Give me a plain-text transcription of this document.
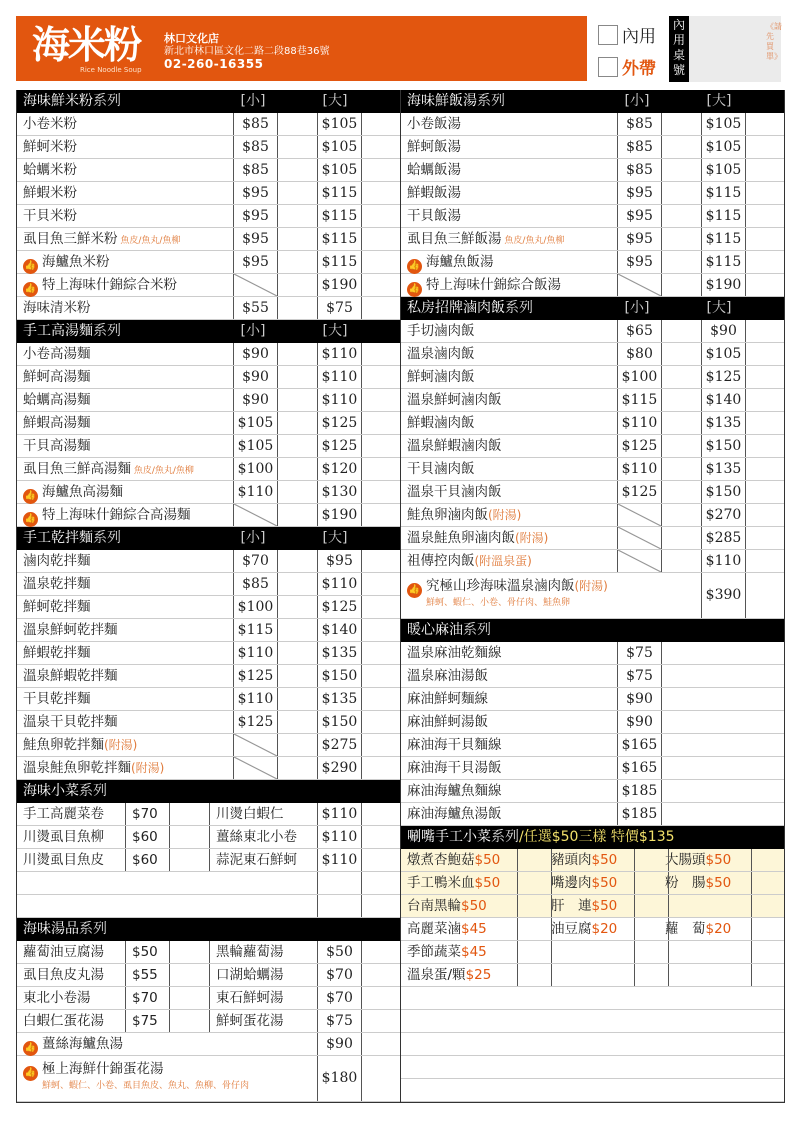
海米粉
Rice Noodle Soup
林口文化店
新北市林口區文化二路二段88巷36號
02-260-16355
內用
外帶
內用桌號
《請先買單》
海味鮮米粉系列	[小]	[大]
小卷米粉	$85	$105
鮮蚵米粉	$85	$105
蛤蠣米粉	$85	$105
鮮蝦米粉	$95	$115
干貝米粉	$95	$115
虱目魚三鮮米粉 魚皮/魚丸/魚柳	$95	$115
👍 海鱸魚米粉	$95	$115
👍 特上海味什錦綜合米粉	$190
海味清米粉	$55	$75
手工高湯麵系列	[小]	[大]
小卷高湯麵	$90	$110
鮮蚵高湯麵	$90	$110
蛤蠣高湯麵	$90	$110
鮮蝦高湯麵	$105	$125
干貝高湯麵	$105	$125
虱目魚三鮮高湯麵 魚皮/魚丸/魚柳	$100	$120
👍 海鱸魚高湯麵	$110	$130
👍 特上海味什錦綜合高湯麵	$190
手工乾拌麵系列	[小]	[大]
滷肉乾拌麵	$70	$95
溫泉乾拌麵	$85	$110
鮮蚵乾拌麵	$100	$125
溫泉鮮蚵乾拌麵	$115	$140
鮮蝦乾拌麵	$110	$135
溫泉鮮蝦乾拌麵	$125	$150
干貝乾拌麵	$110	$135
溫泉干貝乾拌麵	$125	$150
鮭魚卵乾拌麵(附湯)	$275
溫泉鮭魚卵乾拌麵(附湯)	$290
海味小菜系列
手工高麗菜卷	$70	川燙白蝦仁	$110
川燙虱目魚柳	$60	薑絲東北小卷	$110
川燙虱目魚皮	$60	蒜泥東石鮮蚵	$110
海味湯品系列
蘿蔔油豆腐湯	$50	黑輪蘿蔔湯	$50
虱目魚皮丸湯	$55	口湖蛤蠣湯	$70
東北小卷湯	$70	東石鮮蚵湯	$70
白蝦仁蛋花湯	$75	鮮蚵蛋花湯	$75
👍 薑絲海鱸魚湯	$90
👍 極上海鮮什錦蛋花湯
鮮蚵、蝦仁、小卷、虱目魚皮、魚丸、魚柳、骨仔肉	$180
海味鮮飯湯系列	[小]	[大]
小卷飯湯	$85	$105
鮮蚵飯湯	$85	$105
蛤蠣飯湯	$85	$105
鮮蝦飯湯	$95	$115
干貝飯湯	$95	$115
虱目魚三鮮飯湯 魚皮/魚丸/魚柳	$95	$115
👍 海鱸魚飯湯	$95	$115
👍 特上海味什錦綜合飯湯	$190
私房招牌滷肉飯系列	[小]	[大]
手切滷肉飯	$65	$90
溫泉滷肉飯	$80	$105
鮮蚵滷肉飯	$100	$125
溫泉鮮蚵滷肉飯	$115	$140
鮮蝦滷肉飯	$110	$135
溫泉鮮蝦滷肉飯	$125	$150
干貝滷肉飯	$110	$135
溫泉干貝滷肉飯	$125	$150
鮭魚卵滷肉飯(附湯)	$270
溫泉鮭魚卵滷肉飯(附湯)	$285
祖傳控肉飯(附溫泉蛋)	$110
👍 究極山珍海味溫泉滷肉飯(附湯)
鮮蚵、蝦仁、小卷、骨仔肉、鮭魚卵	$390
暖心麻油系列
溫泉麻油乾麵線	$75
溫泉麻油湯飯	$75
麻油鮮蚵麵線	$90
麻油鮮蚵湯飯	$90
麻油海干貝麵線	$165
麻油海干貝湯飯	$165
麻油海鱸魚麵線	$185
麻油海鱸魚湯飯	$185
唰嘴手工小菜系列/任選$50三樣 特價$135
燉煮杏鮑菇$50	豬頭肉$50	大腸頭$50
手工鴨米血$50	嘴邊肉$50	粉　腸$50
台南黑輪$50	肝　連$50
高麗菜滷$45	油豆腐$20	蘿　蔔$20
季節蔬菜$45
溫泉蛋/顆$25
